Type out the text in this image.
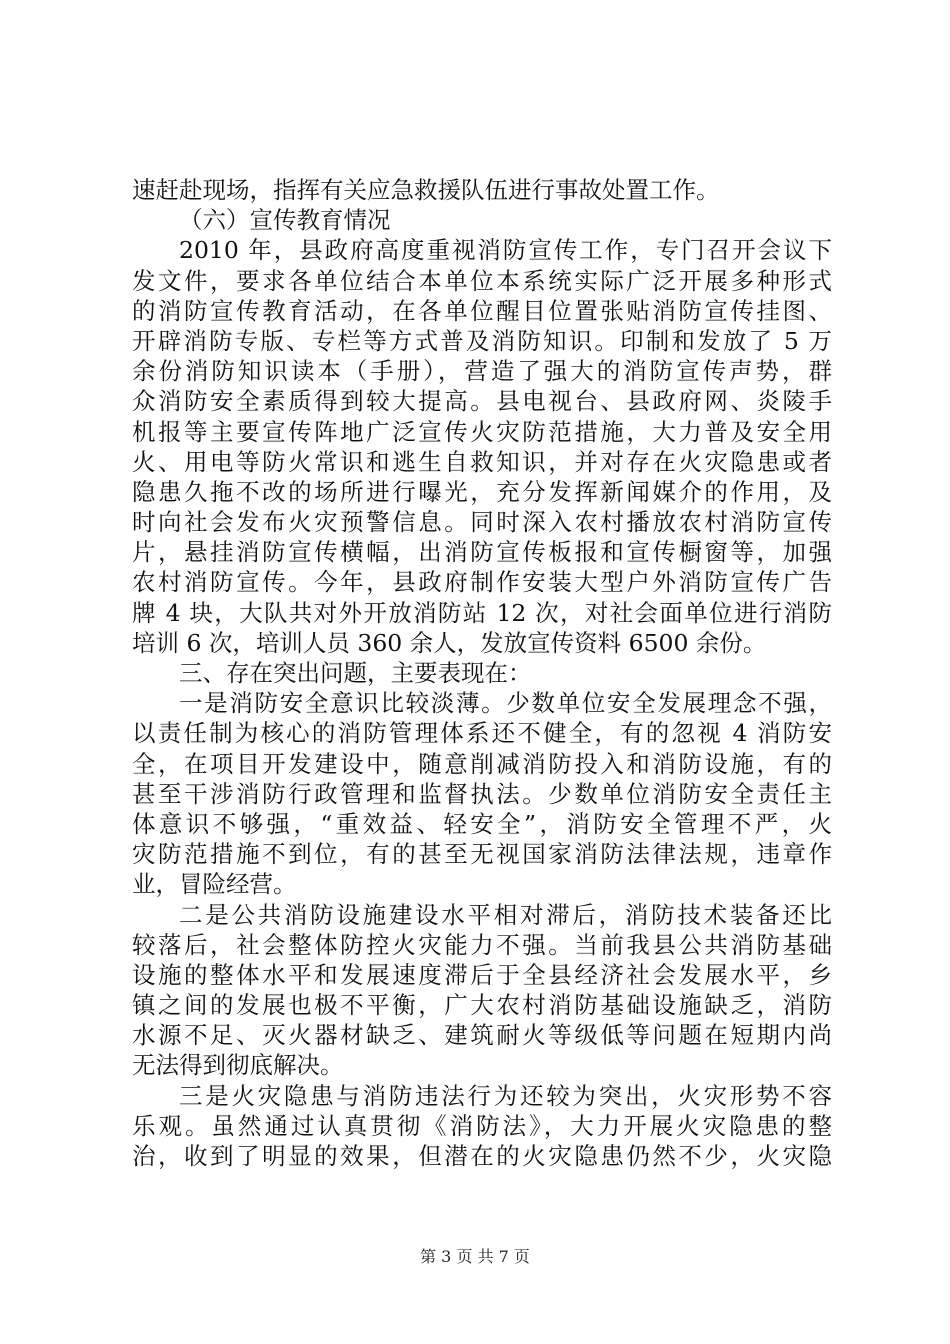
速赶赴现场，指挥有关应急救援队伍进行事故处置工作。
（六）宣传教育情况
2010 年，县政府高度重视消防宣传工作，专门召开会议下
发文件，要求各单位结合本单位本系统实际广泛开展多种形式
的消防宣传教育活动，在各单位醒目位置张贴消防宣传挂图、
开辟消防专版、专栏等方式普及消防知识。印制和发放了 5 万
余份消防知识读本（手册），营造了强大的消防宣传声势，群
众消防安全素质得到较大提高。县电视台、县政府网、炎陵手
机报等主要宣传阵地广泛宣传火灾防范措施，大力普及安全用
火、用电等防火常识和逃生自救知识，并对存在火灾隐患或者
隐患久拖不改的场所进行曝光，充分发挥新闻媒介的作用，及
时向社会发布火灾预警信息。同时深入农村播放农村消防宣传
片，悬挂消防宣传横幅，出消防宣传板报和宣传橱窗等，加强
农村消防宣传。今年，县政府制作安装大型户外消防宣传广告
牌 4 块，大队共对外开放消防站 12 次，对社会面单位进行消防
培训 6 次，培训人员 360 余人，发放宣传资料 6500 余份。
三、存在突出问题，主要表现在：
一是消防安全意识比较淡薄。少数单位安全发展理念不强，
以责任制为核心的消防管理体系还不健全，有的忽视 4 消防安
全，在项目开发建设中，随意削减消防投入和消防设施，有的
甚至干涉消防行政管理和监督执法。少数单位消防安全责任主
体意识不够强，“重效益、轻安全”，消防安全管理不严，火
灾防范措施不到位，有的甚至无视国家消防法律法规，违章作
业，冒险经营。
二是公共消防设施建设水平相对滞后，消防技术装备还比
较落后，社会整体防控火灾能力不强。当前我县公共消防基础
设施的整体水平和发展速度滞后于全县经济社会发展水平，乡
镇之间的发展也极不平衡，广大农村消防基础设施缺乏，消防
水源不足、灭火器材缺乏、建筑耐火等级低等问题在短期内尚
无法得到彻底解决。
三是火灾隐患与消防违法行为还较为突出，火灾形势不容
乐观。虽然通过认真贯彻《消防法》，大力开展火灾隐患的整
治，收到了明显的效果，但潜在的火灾隐患仍然不少，火灾隐
第 3 页 共 7 页
